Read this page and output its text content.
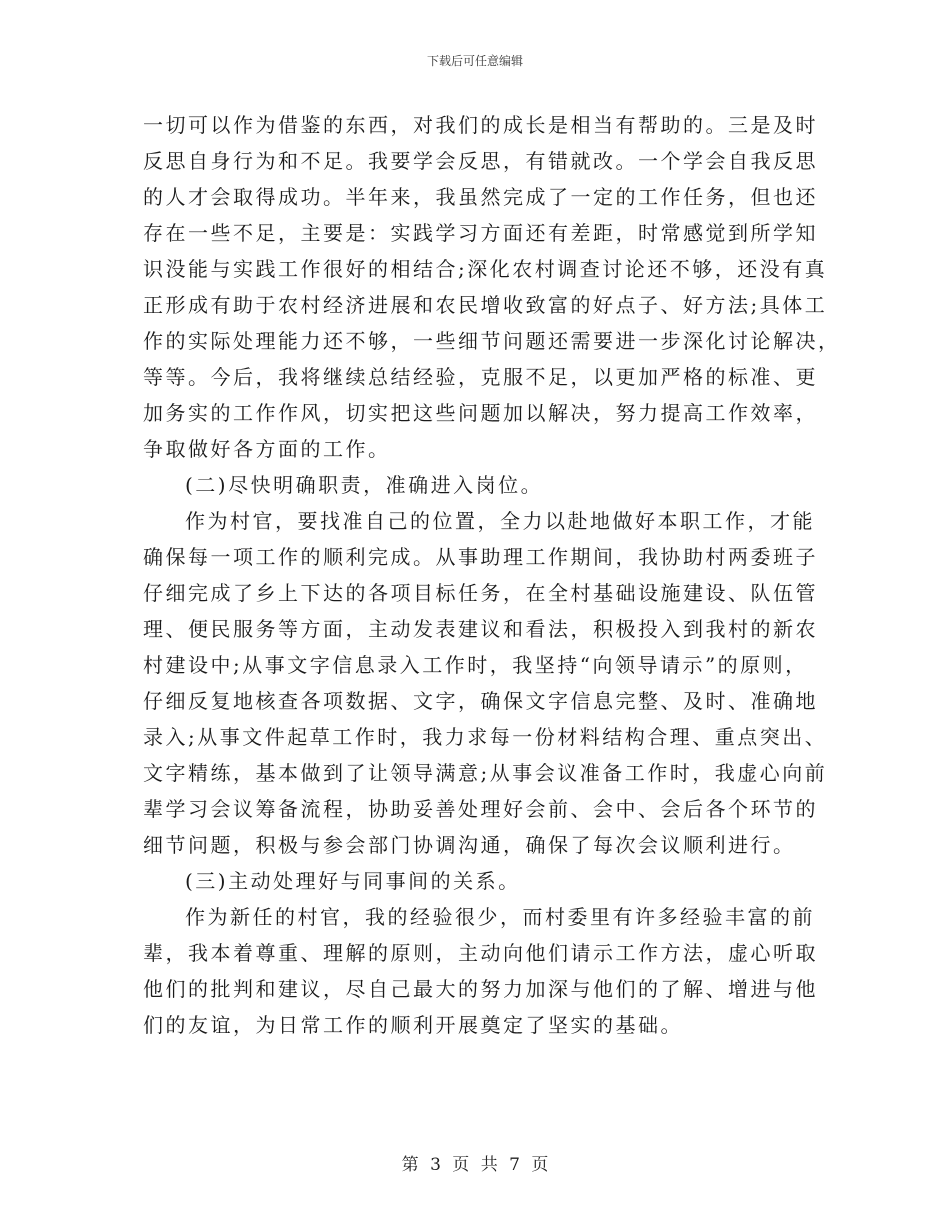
下载后可任意编辑
一切可以作为借鉴的东西，对我们的成长是相当有帮助的。三是及时
反思自身行为和不足。我要学会反思，有错就改。一个学会自我反思
的人才会取得成功。半年来，我虽然完成了一定的工作任务，但也还
存在一些不足，主要是：实践学习方面还有差距，时常感觉到所学知
识没能与实践工作很好的相结合;深化农村调查讨论还不够，还没有真
正形成有助于农村经济进展和农民增收致富的好点子、好方法;具体工
作的实际处理能力还不够，一些细节问题还需要进一步深化讨论解决，
等等。今后，我将继续总结经验，克服不足，以更加严格的标准、更
加务实的工作作风，切实把这些问题加以解决，努力提高工作效率，
争取做好各方面的工作。
(二)尽快明确职责，准确进入岗位。
作为村官，要找准自己的位置，全力以赴地做好本职工作，才能
确保每一项工作的顺利完成。从事助理工作期间，我协助村两委班子
仔细完成了乡上下达的各项目标任务，在全村基础设施建设、队伍管
理、便民服务等方面，主动发表建议和看法，积极投入到我村的新农
村建设中;从事文字信息录入工作时，我坚持“向领导请示”的原则，
仔细反复地核查各项数据、文字，确保文字信息完整、及时、准确地
录入;从事文件起草工作时，我力求每一份材料结构合理、重点突出、
文字精练，基本做到了让领导满意;从事会议准备工作时，我虚心向前
辈学习会议筹备流程，协助妥善处理好会前、会中、会后各个环节的
细节问题，积极与参会部门协调沟通，确保了每次会议顺利进行。
(三)主动处理好与同事间的关系。
作为新任的村官，我的经验很少，而村委里有许多经验丰富的前
辈，我本着尊重、理解的原则，主动向他们请示工作方法，虚心听取
他们的批判和建议，尽自己最大的努力加深与他们的了解、增进与他
们的友谊，为日常工作的顺利开展奠定了坚实的基础。
第 3 页 共 7 页
